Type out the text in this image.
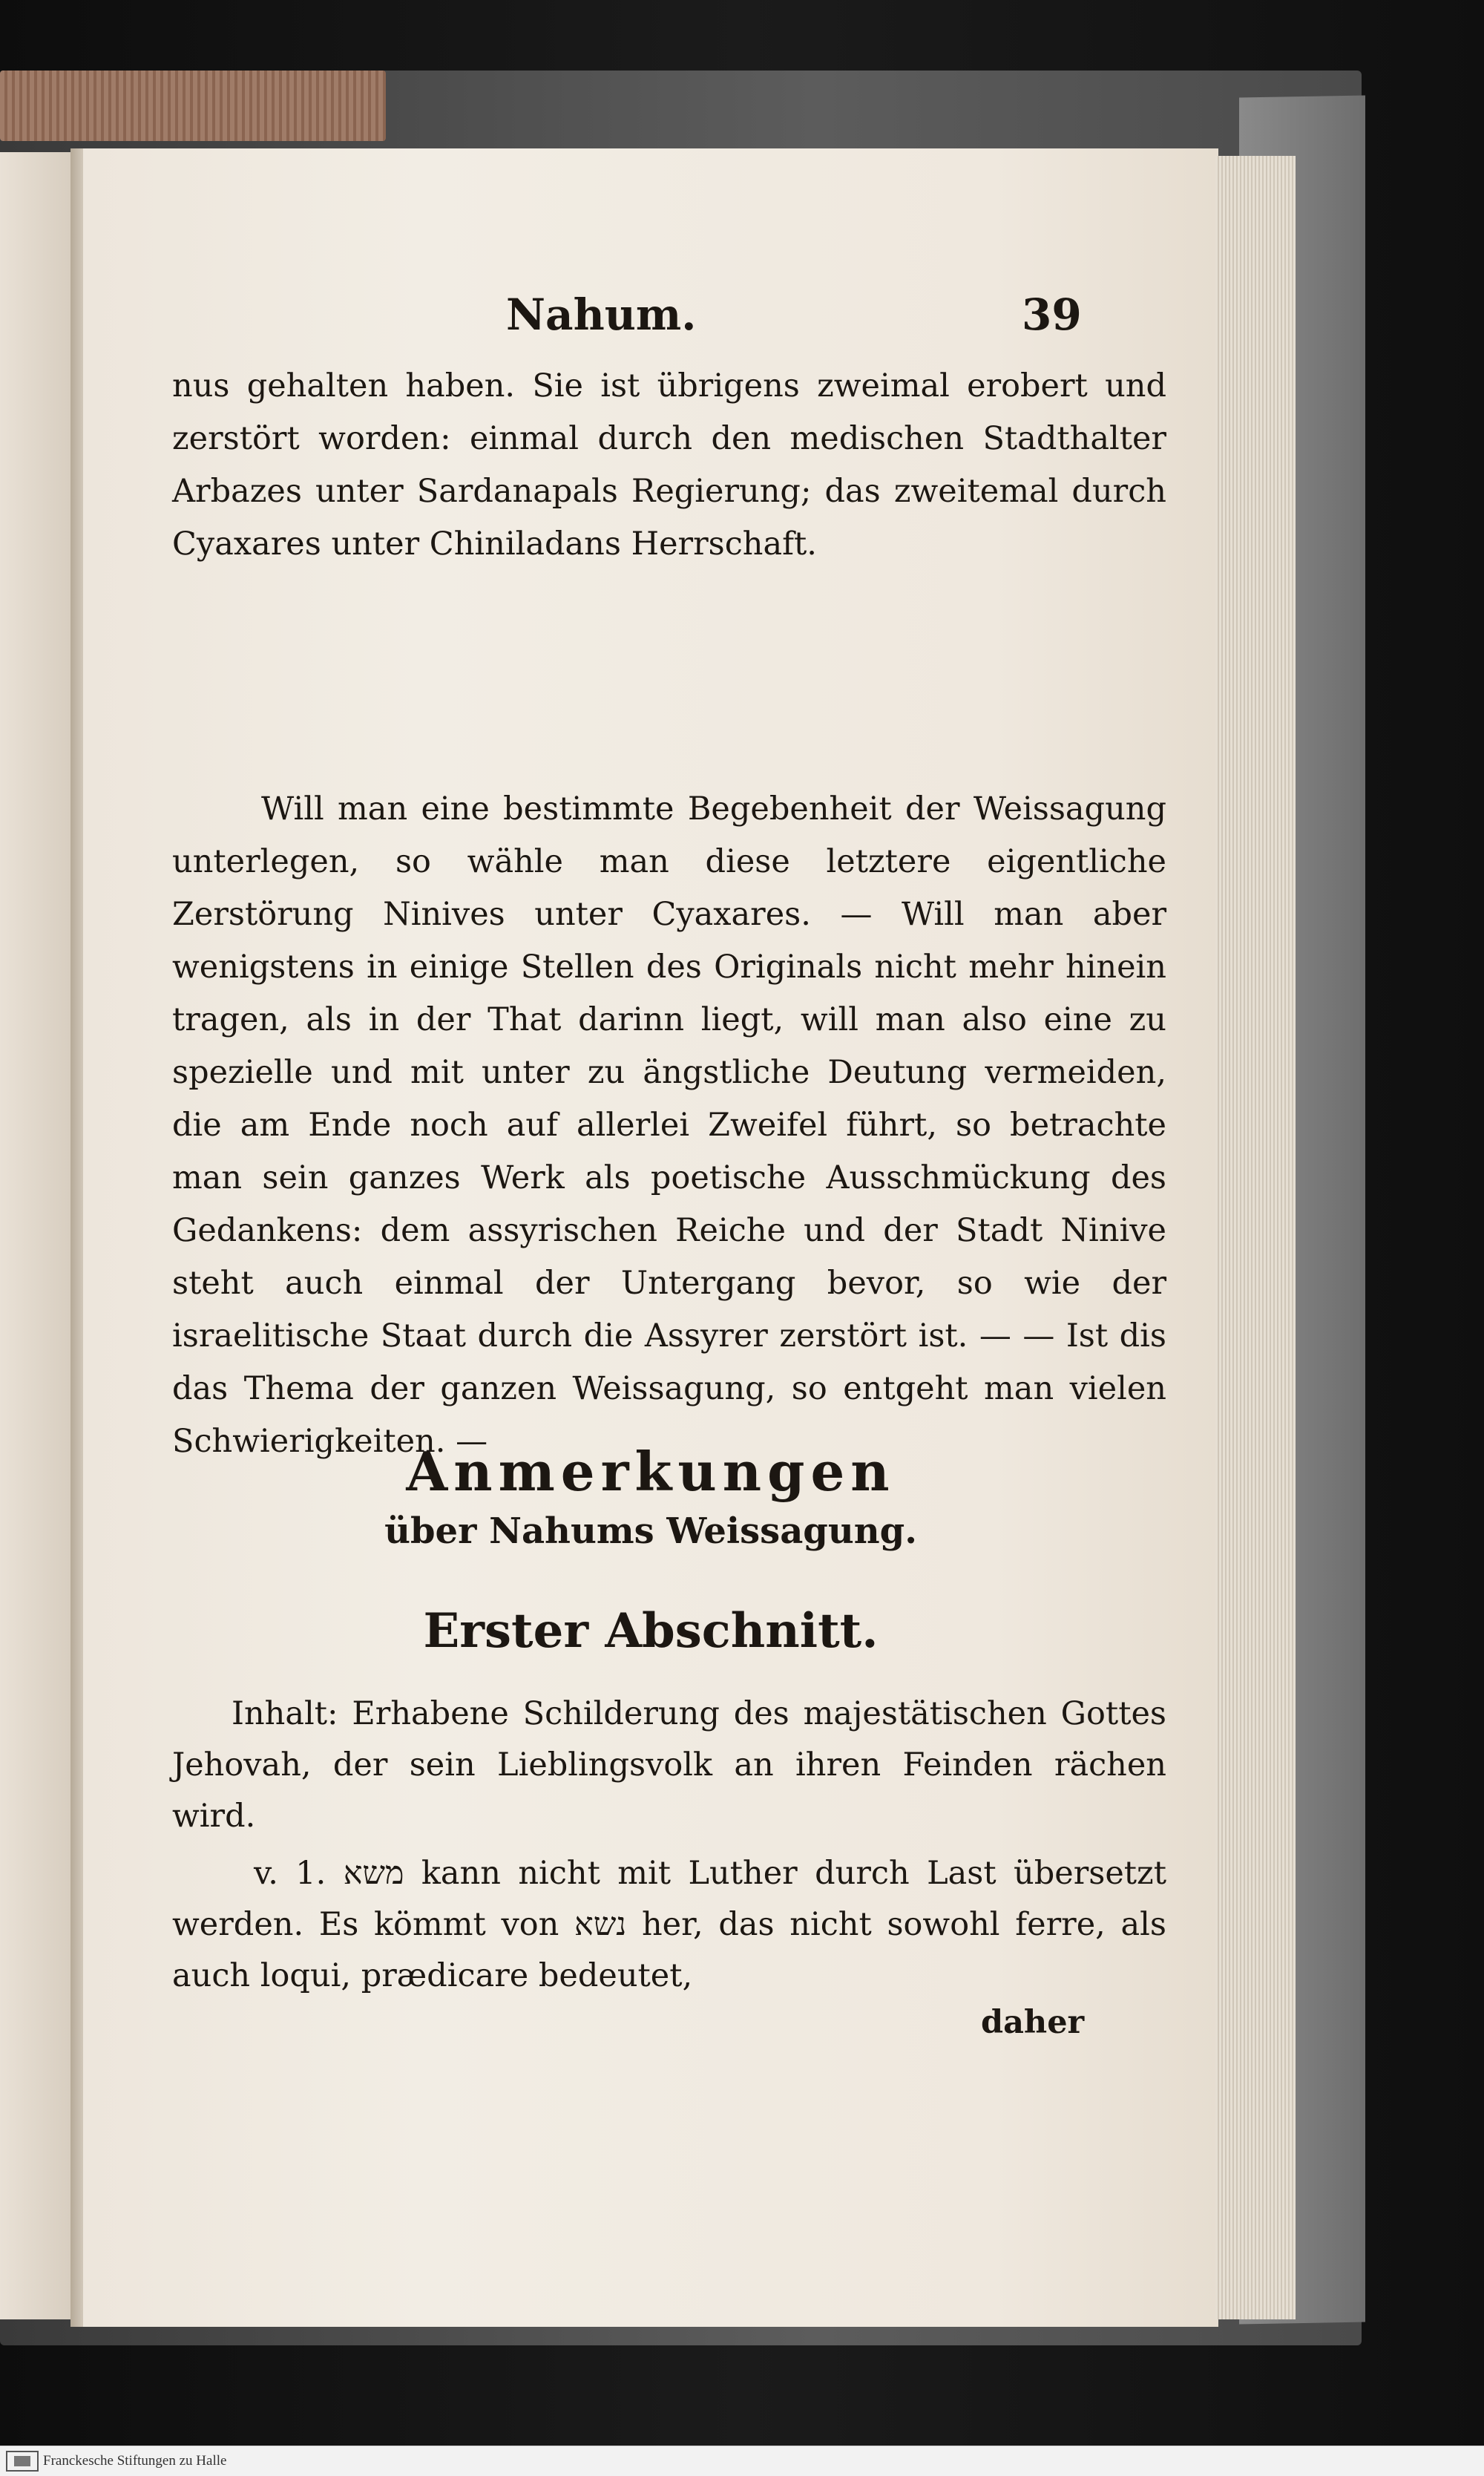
Nahum.	39

nus gehalten haben. Sie ist übrigens zweimal erobert und zerstört worden: einmal durch den medischen Stadthalter Arbazes unter Sardanapals Regierung; das zweitemal durch Cyaxares unter Chiniladans Herrschaft.

Will man eine bestimmte Begebenheit der Weissagung unterlegen, so wähle man diese letztere eigentliche Zerstörung Ninives unter Cyaxares. — Will man aber wenigstens in einige Stellen des Originals nicht mehr hinein tragen, als in der That darinn liegt, will man also eine zu spezielle und mit unter zu ängstliche Deutung vermeiden, die am Ende noch auf allerlei Zweifel führt, so betrachte man sein ganzes Werk als poetische Ausschmückung des Gedankens: dem assyrischen Reiche und der Stadt Ninive steht auch einmal der Untergang bevor, so wie der israelitische Staat durch die Assyrer zerstört ist. — — Ist dis das Thema der ganzen Weissagung, so entgeht man vielen Schwierigkeiten. —

Anmerkungen
über Nahums Weissagung.
Erster Abschnitt.

Inhalt: Erhabene Schilderung des majestätischen Gottes Jehovah, der sein Lieblingsvolk an ihren Feinden rächen wird.

v. 1. משא kann nicht mit Luther durch Last übersetzt werden. Es kömmt von נשא her, das nicht sowohl ferre, als auch loqui, prædicare bedeutet,

daher
Franckesche Stiftungen zu Halle
